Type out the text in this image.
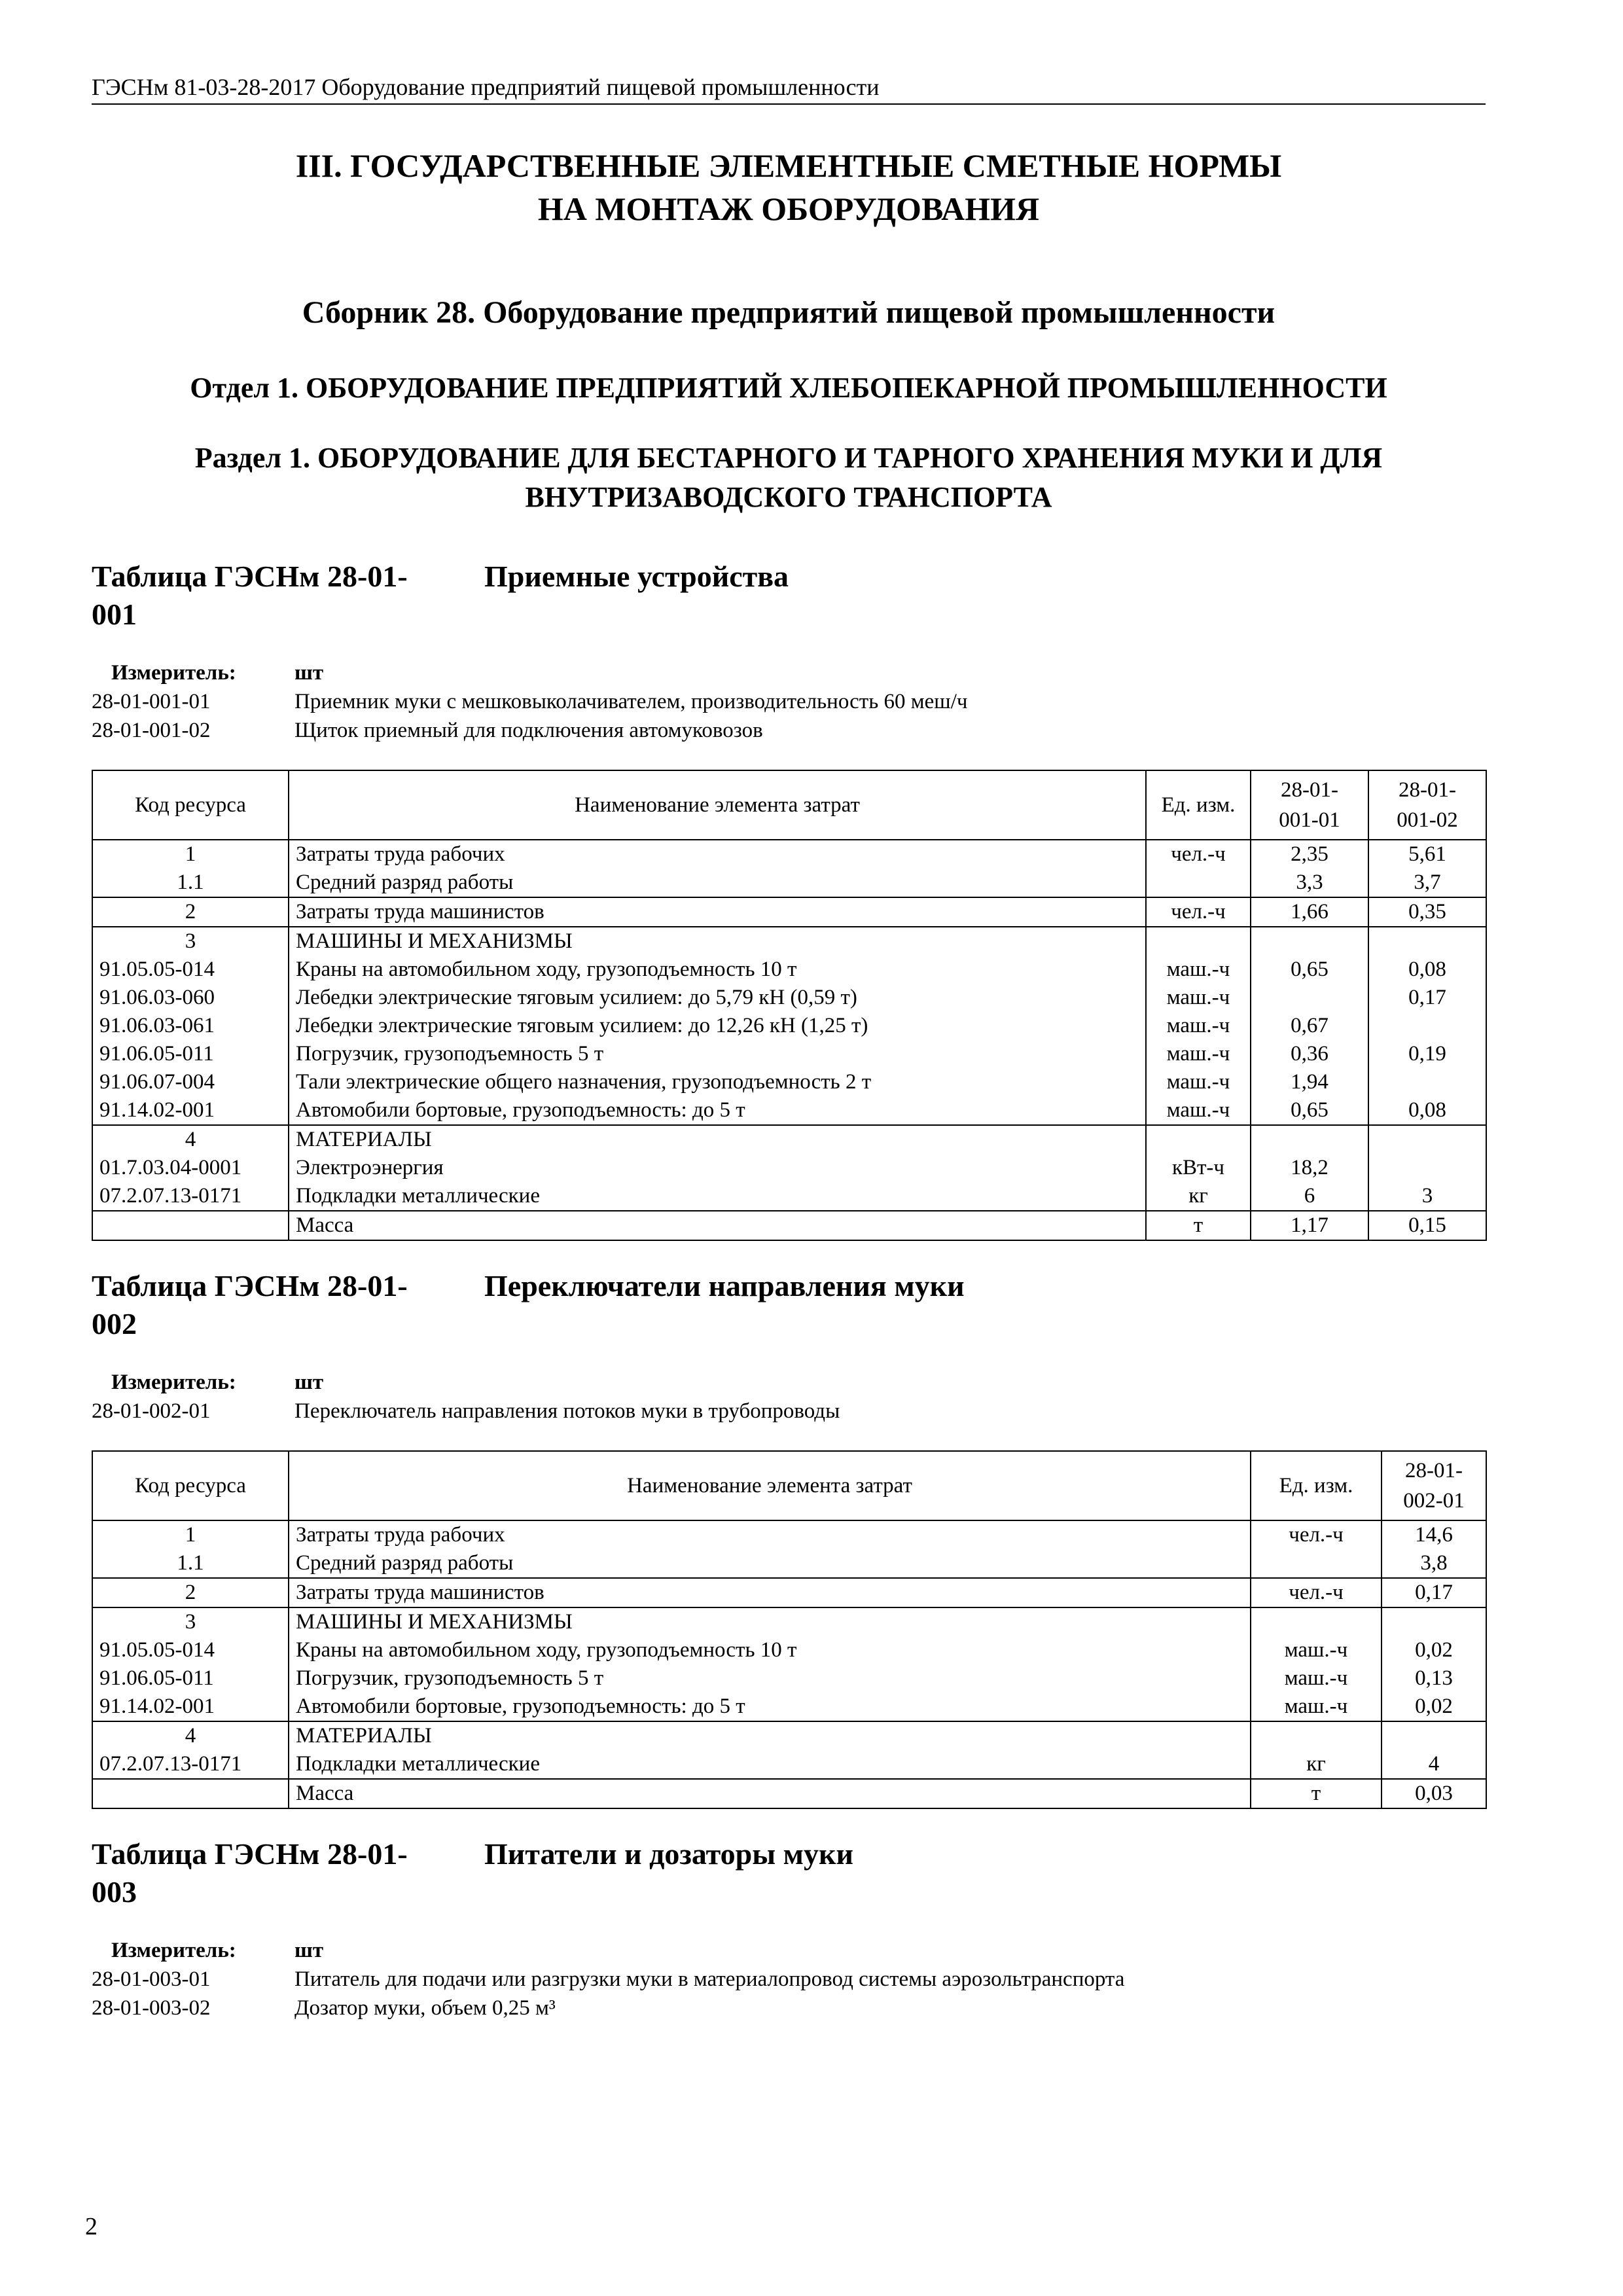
ГЭСНм 81-03-28-2017 Оборудование предприятий пищевой промышленности
III. ГОСУДАРСТВЕННЫЕ ЭЛЕМЕНТНЫЕ СМЕТНЫЕ НОРМЫ
НА МОНТАЖ ОБОРУДОВАНИЯ
Сборник 28. Оборудование предприятий пищевой промышленности
Отдел 1. ОБОРУДОВАНИЕ ПРЕДПРИЯТИЙ ХЛЕБОПЕКАРНОЙ ПРОМЫШЛЕННОСТИ
Раздел 1. ОБОРУДОВАНИЕ ДЛЯ БЕСТАРНОГО И ТАРНОГО ХРАНЕНИЯ МУКИ И ДЛЯ
ВНУТРИЗАВОДСКОГО ТРАНСПОРТА
Таблица ГЭСНм 28-01-
001
Приемные устройства
Измеритель:	шт
28-01-001-01	Приемник муки с мешковыколачивателем, производительность 60 меш/ч
28-01-001-02	Щиток приемный для подключения автомуковозов
Код ресурса	Наименование элемента затрат	Ед. изм.	28-01-
001-01	28-01-
001-02
1	Затраты труда рабочих	чел.-ч	2,35	5,61
1.1	Средний разряд работы		3,3	3,7
2	Затраты труда машинистов	чел.-ч	1,66	0,35
3	МАШИНЫ И МЕХАНИЗМЫ			
91.05.05-014	Краны на автомобильном ходу, грузоподъемность 10 т	маш.-ч	0,65	0,08
91.06.03-060	Лебедки электрические тяговым усилием: до 5,79 кН (0,59 т)	маш.-ч		0,17
91.06.03-061	Лебедки электрические тяговым усилием: до 12,26 кН (1,25 т)	маш.-ч	0,67	
91.06.05-011	Погрузчик, грузоподъемность 5 т	маш.-ч	0,36	0,19
91.06.07-004	Тали электрические общего назначения, грузоподъемность 2 т	маш.-ч	1,94	
91.14.02-001	Автомобили бортовые, грузоподъемность: до 5 т	маш.-ч	0,65	0,08
4	МАТЕРИАЛЫ			
01.7.03.04-0001	Электроэнергия	кВт-ч	18,2	
07.2.07.13-0171	Подкладки металлические	кг	6	3
	Масса	т	1,17	0,15
Таблица ГЭСНм 28-01-
002
Переключатели направления муки
Измеритель:	шт
28-01-002-01	Переключатель направления потоков муки в трубопроводы
Код ресурса	Наименование элемента затрат	Ед. изм.	28-01-
002-01
1	Затраты труда рабочих	чел.-ч	14,6
1.1	Средний разряд работы		3,8
2	Затраты труда машинистов	чел.-ч	0,17
3	МАШИНЫ И МЕХАНИЗМЫ		
91.05.05-014	Краны на автомобильном ходу, грузоподъемность 10 т	маш.-ч	0,02
91.06.05-011	Погрузчик, грузоподъемность 5 т	маш.-ч	0,13
91.14.02-001	Автомобили бортовые, грузоподъемность: до 5 т	маш.-ч	0,02
4	МАТЕРИАЛЫ		
07.2.07.13-0171	Подкладки металлические	кг	4
	Масса	т	0,03
Таблица ГЭСНм 28-01-
003
Питатели и дозаторы муки
Измеритель:	шт
28-01-003-01	Питатель для подачи или разгрузки муки в материалопровод системы аэрозольтранспорта
28-01-003-02	Дозатор муки, объем 0,25 м³
2
